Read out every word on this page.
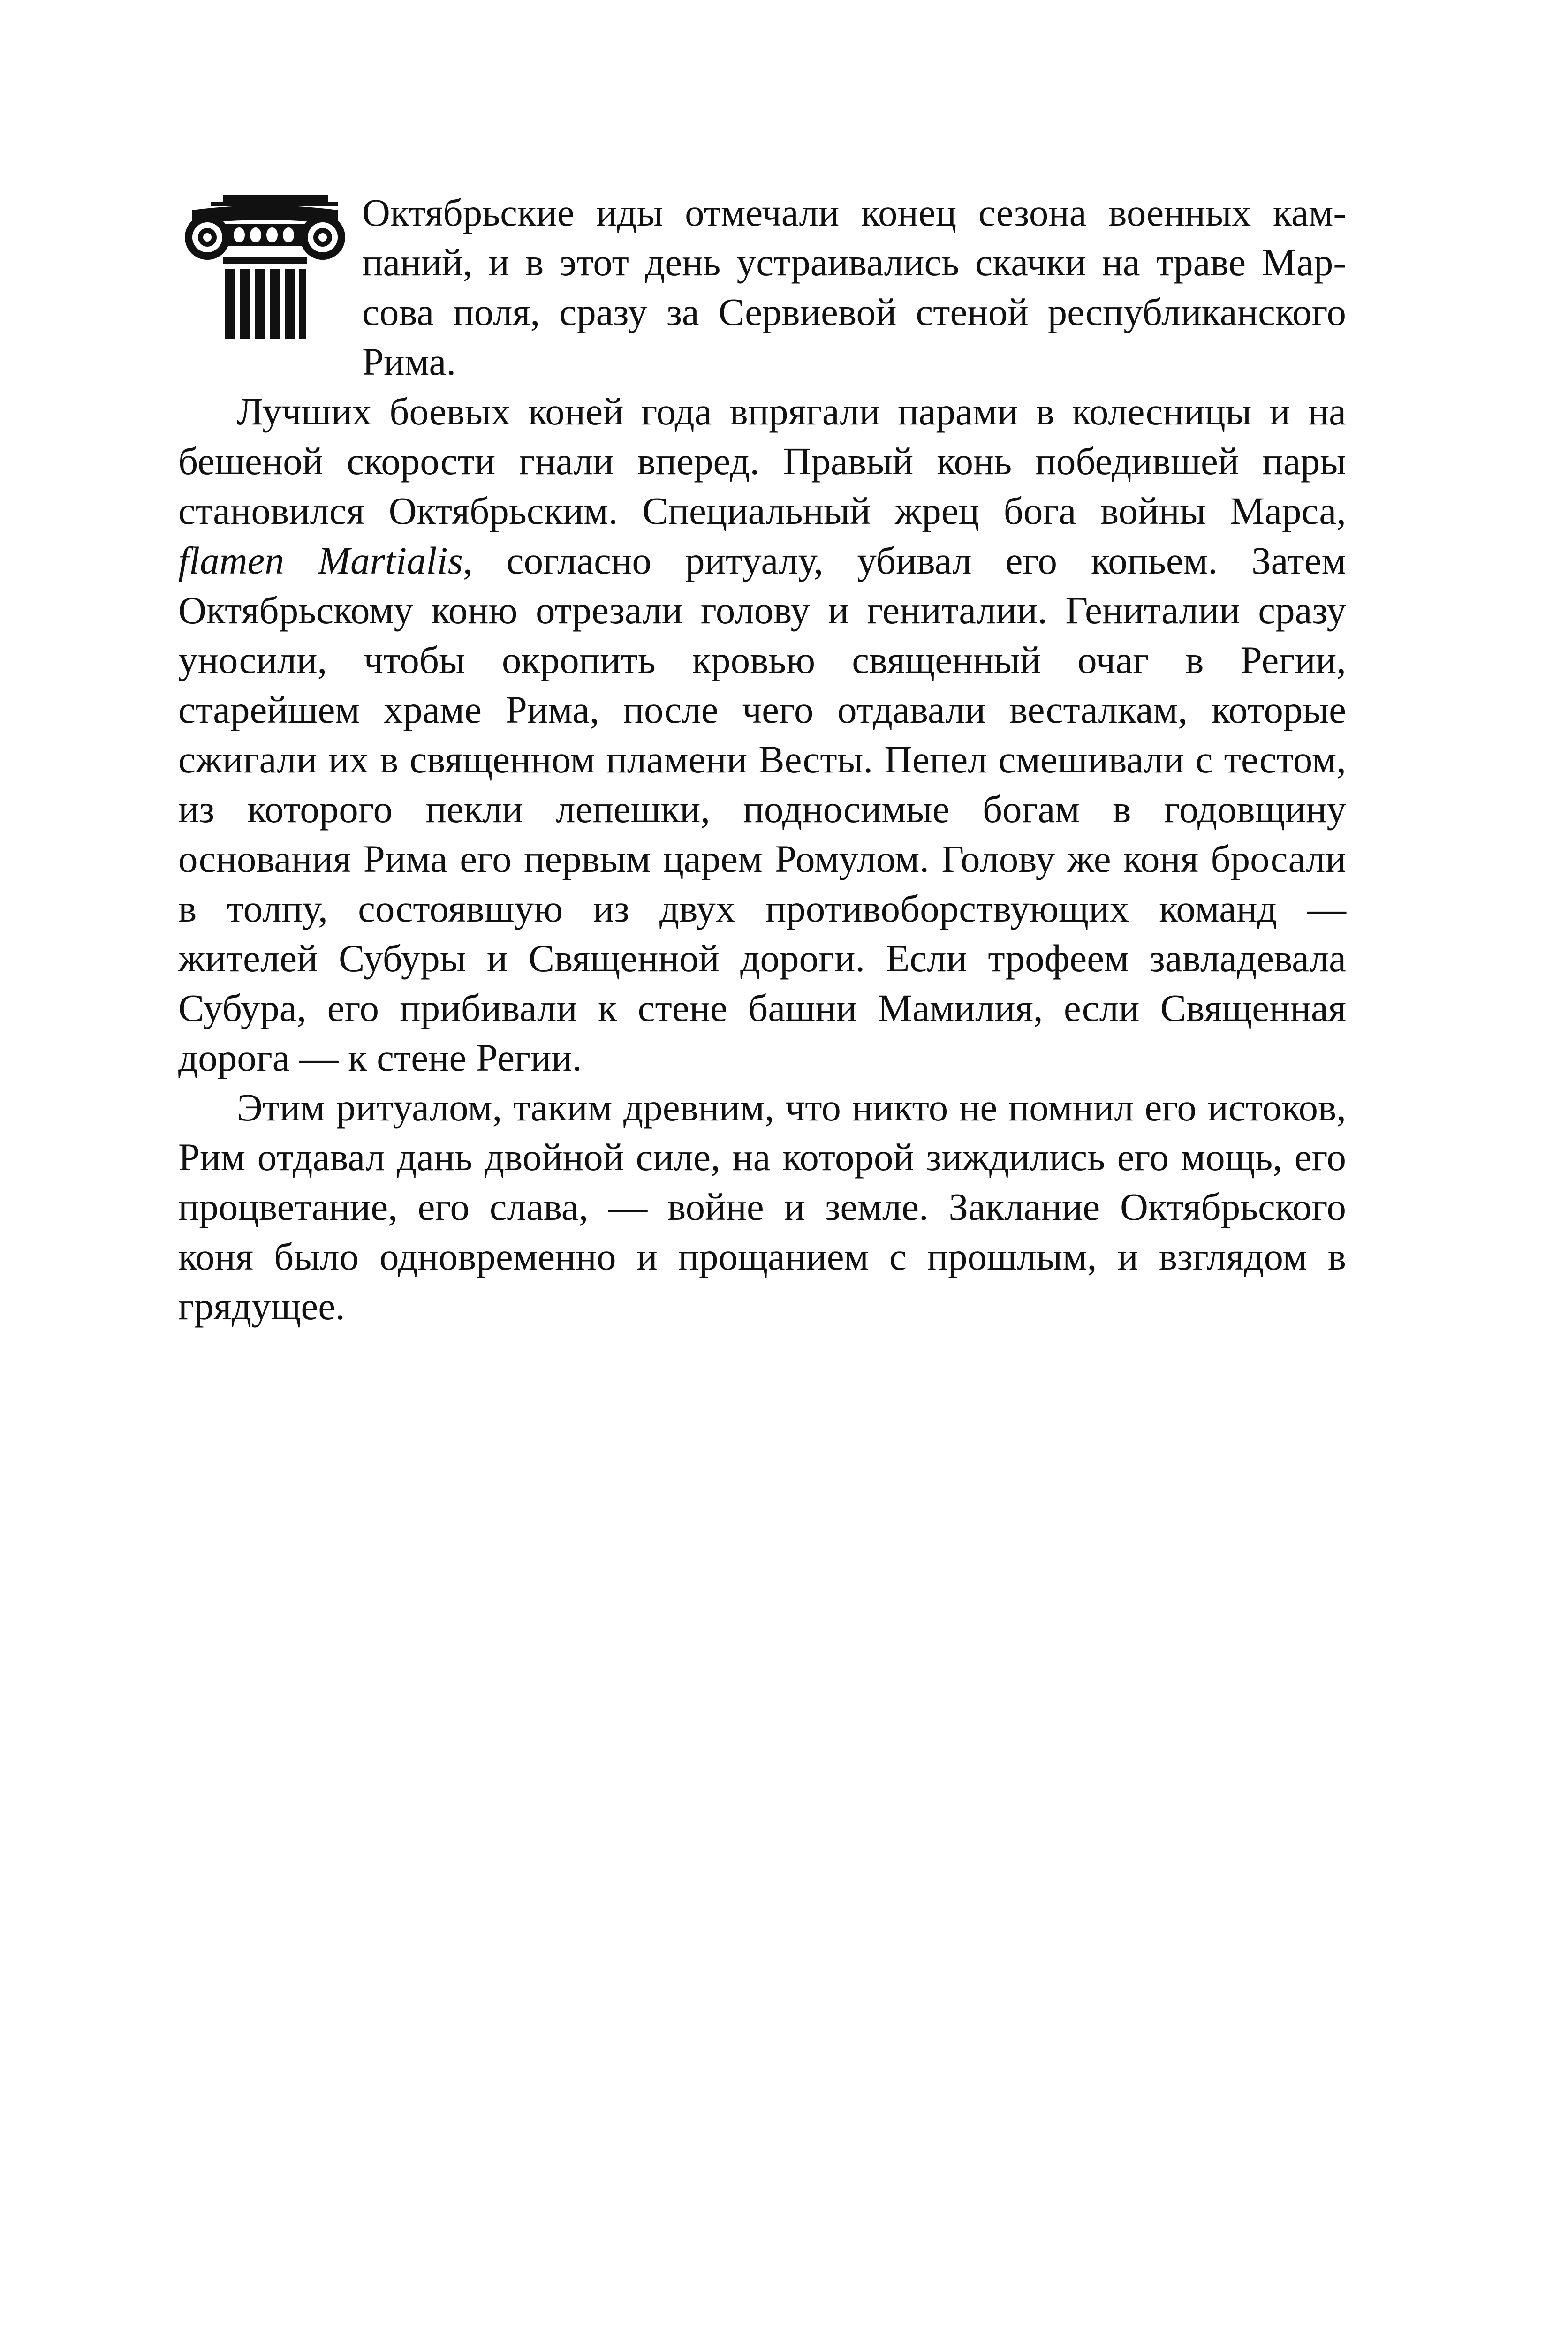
Октябрьские иды отмечали конец сезона военных кампаний, и в этот день устраивались скачки на траве Марсова поля, сразу за Сервиевой стеной республиканского Рима.

Лучших боевых коней года впрягали парами в колесницы и на бешеной скорости гнали вперед. Правый конь победившей пары становился Октябрьским. Специальный жрец бога войны Марса, flamen Martialis, согласно ритуалу, убивал его копьем. Затем Октябрьскому коню отрезали голову и гениталии. Гениталии сразу уносили, чтобы окропить кровью священный очаг в Регии, старейшем храме Рима, после чего отдавали весталкам, которые сжигали их в священном пламени Весты. Пепел смешивали с тестом, из которого пекли лепешки, подносимые богам в годовщину основания Рима его первым царем Ромулом. Голову же коня бросали в толпу, состоявшую из двух противоборствующих команд — жителей Субуры и Священной дороги. Если трофеем завладевала Субура, его прибивали к стене башни Мамилия, если Священная дорога — к стене Регии.

Этим ритуалом, таким древним, что никто не помнил его истоков, Рим отдавал дань двойной силе, на которой зиждились его мощь, его процветание, его слава, — войне и земле. Заклание Октябрьского коня было одновременно и прощанием с прошлым, и взглядом в грядущее.
